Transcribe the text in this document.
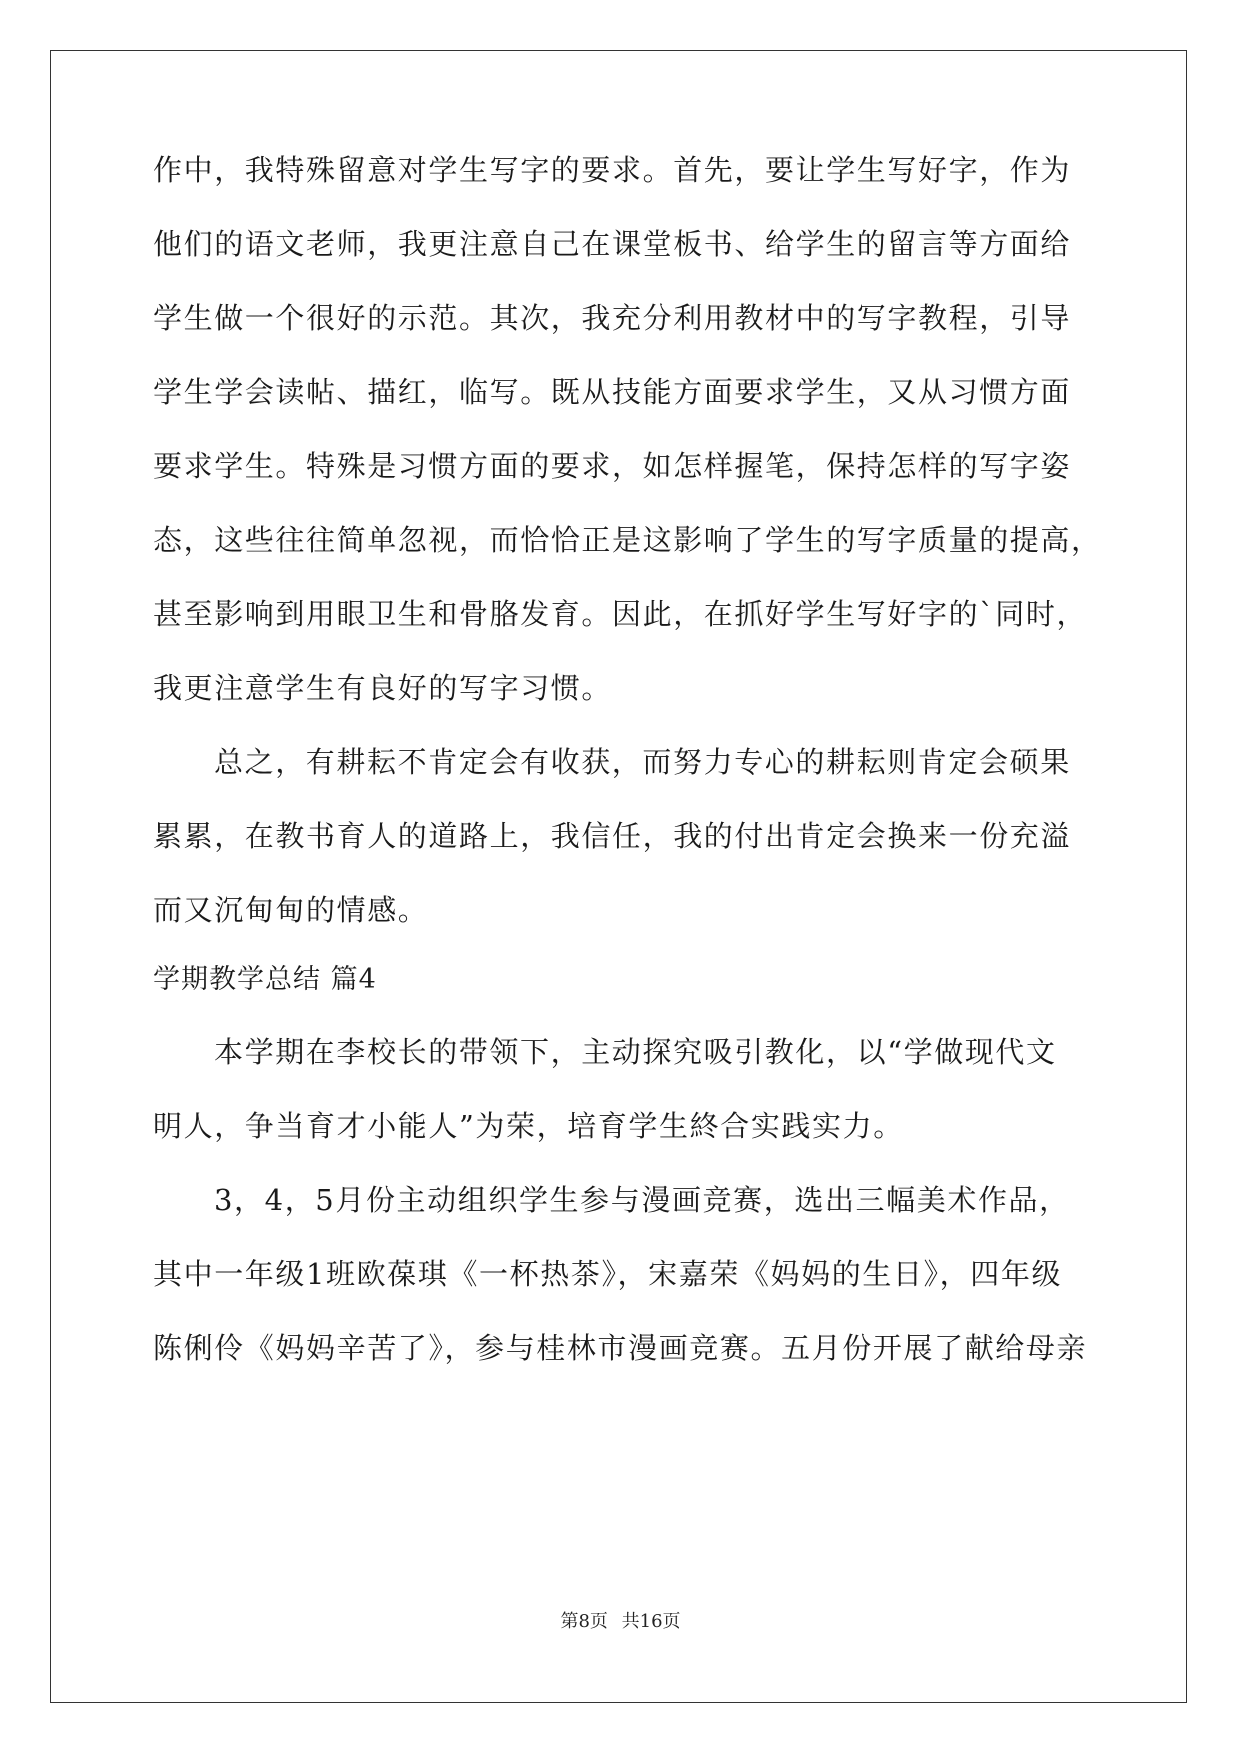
作中，我特殊留意对学生写字的要求。首先，要让学生写好字，作为
他们的语文老师，我更注意自己在课堂板书、给学生的留言等方面给
学生做一个很好的示范。其次，我充分利用教材中的写字教程，引导
学生学会读帖、描红，临写。既从技能方面要求学生，又从习惯方面
要求学生。特殊是习惯方面的要求，如怎样握笔，保持怎样的写字姿
态，这些往往简单忽视，而恰恰正是这影响了学生的写字质量的提高，
甚至影响到用眼卫生和骨胳发育。因此，在抓好学生写好字的`同时，
我更注意学生有良好的写字习惯。
总之，有耕耘不肯定会有收获，而努力专心的耕耘则肯定会硕果
累累，在教书育人的道路上，我信任，我的付出肯定会换来一份充溢
而又沉甸甸的情感。
学期教学总结 篇4
本学期在李校长的带领下，主动探究吸引教化，以“学做现代文
明人，争当育才小能人”为荣，培育学生終合实践实力。
3，4，5月份主动组织学生参与漫画竞赛，选出三幅美术作品，
其中一年级1班欧葆琪《一杯热茶》，宋嘉荣《妈妈的生日》，四年级
陈俐伶《妈妈辛苦了》，参与桂林市漫画竞赛。五月份开展了献给母亲
第8页 共16页
